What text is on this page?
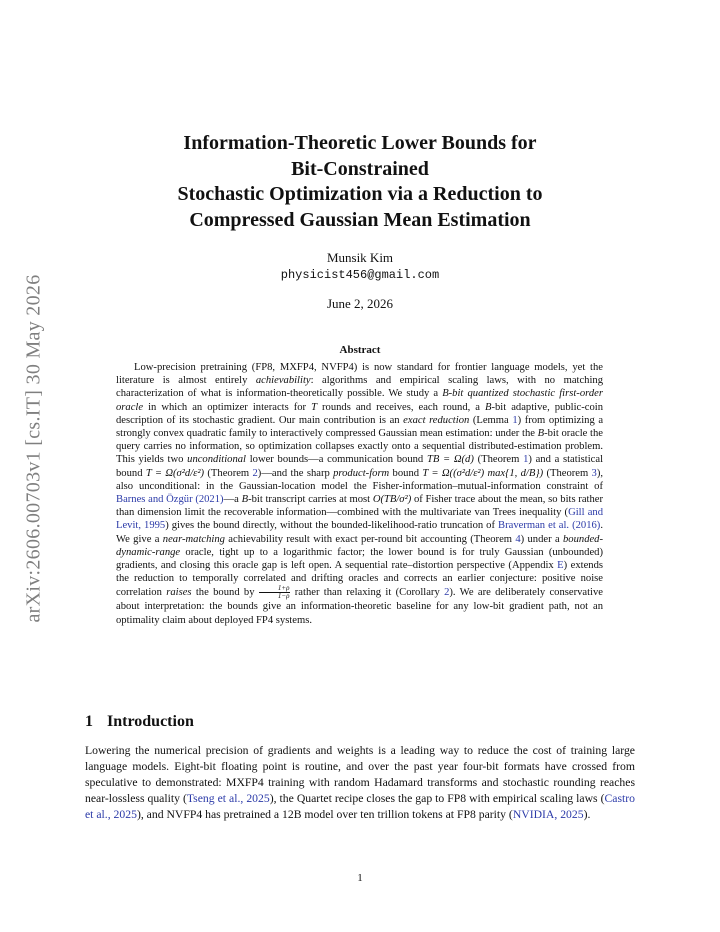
arXiv:2606.00703v1 [cs.IT] 30 May 2026
Information-Theoretic Lower Bounds for
Bit-Constrained
Stochastic Optimization via a Reduction to
Compressed Gaussian Mean Estimation
Munsik Kim
physicist456@gmail.com
June 2, 2026
Abstract

Low-precision pretraining (FP8, MXFP4, NVFP4) is now standard for frontier language models, yet the literature is almost entirely achievability: algorithms and empirical scaling laws, with no matching characterization of what is information-theoretically possible. We study a B-bit quantized stochastic first-order oracle in which an optimizer interacts for T rounds and receives, each round, a B-bit adaptive, public-coin description of its stochastic gradient. Our main contribution is an exact reduction (Lemma 1) from optimizing a strongly convex quadratic family to interactively compressed Gaussian mean estimation: under the B-bit oracle the query carries no information, so optimization collapses exactly onto a sequential distributed-estimation problem. This yields two unconditional lower bounds—a communication bound TB = Ω(d) (Theorem 1) and a statistical bound T = Ω(σ²d/ε²) (Theorem 2)—and the sharp product-form bound T = Ω((σ²d/ε²) max{1, d/B}) (Theorem 3), also unconditional: in the Gaussian-location model the Fisher-information–mutual-information constraint of Barnes and Özgür (2021)—a B-bit transcript carries at most O(TB/σ²) of Fisher trace about the mean, so bits rather than dimension limit the recoverable information—combined with the multivariate van Trees inequality (Gill and Levit, 1995) gives the bound directly, without the bounded-likelihood-ratio truncation of Braverman et al. (2016). We give a near-matching achievability result with exact per-round bit accounting (Theorem 4) under a bounded-dynamic-range oracle, tight up to a logarithmic factor; the lower bound is for truly Gaussian (unbounded) gradients, and closing this oracle gap is left open. A sequential rate–distortion perspective (Appendix E) extends the reduction to temporally correlated and drifting oracles and corrects an earlier conjecture: positive noise correlation raises the bound by $\frac{1+\rho}{1-\rho}$ rather than relaxing it (Corollary 2). We are deliberately conservative about interpretation: the bounds give an information-theoretic baseline for any low-bit gradient path, not an optimality claim about deployed FP4 systems.

1 Introduction

Lowering the numerical precision of gradients and weights is a leading way to reduce the cost of training large language models. Eight-bit floating point is routine, and over the past year four-bit formats have crossed from speculative to demonstrated: MXFP4 training with random Hadamard transforms and stochastic rounding reaches near-lossless quality (Tseng et al., 2025), the Quartet recipe closes the gap to FP8 with empirical scaling laws (Castro et al., 2025), and NVFP4 has pretrained a 12B model over ten trillion tokens at FP8 parity (NVIDIA, 2025).

1
